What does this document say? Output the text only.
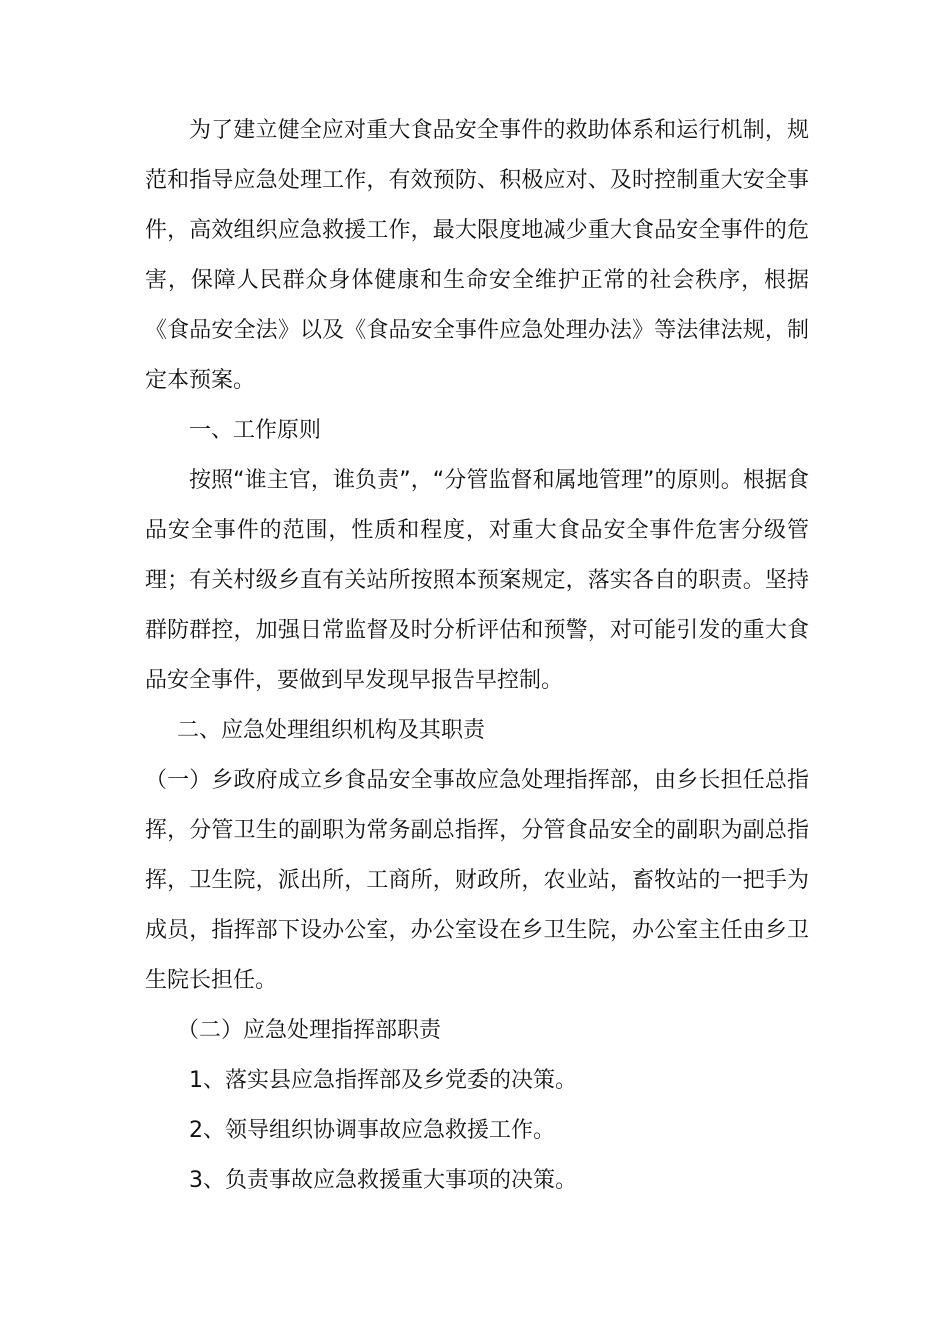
为了建立健全应对重大食品安全事件的救助体系和运行机制，规范和指导应急处理工作，有效预防、积极应对、及时控制重大安全事件，高效组织应急救援工作，最大限度地减少重大食品安全事件的危害，保障人民群众身体健康和生命安全维护正常的社会秩序，根据《食品安全法》以及《食品安全事件应急处理办法》等法律法规，制定本预案。

一、工作原则

按照“谁主官，谁负责”，“分管监督和属地管理”的原则。根据食品安全事件的范围，性质和程度，对重大食品安全事件危害分级管理；有关村级乡直有关站所按照本预案规定，落实各自的职责。坚持群防群控，加强日常监督及时分析评估和预警，对可能引发的重大食品安全事件，要做到早发现早报告早控制。

二、应急处理组织机构及其职责

（一）乡政府成立乡食品安全事故应急处理指挥部，由乡长担任总指挥，分管卫生的副职为常务副总指挥，分管食品安全的副职为副总指挥，卫生院，派出所，工商所，财政所，农业站，畜牧站的一把手为成员，指挥部下设办公室，办公室设在乡卫生院，办公室主任由乡卫生院长担任。

（二）应急处理指挥部职责

1、落实县应急指挥部及乡党委的决策。

2、领导组织协调事故应急救援工作。

3、负责事故应急救援重大事项的决策。
